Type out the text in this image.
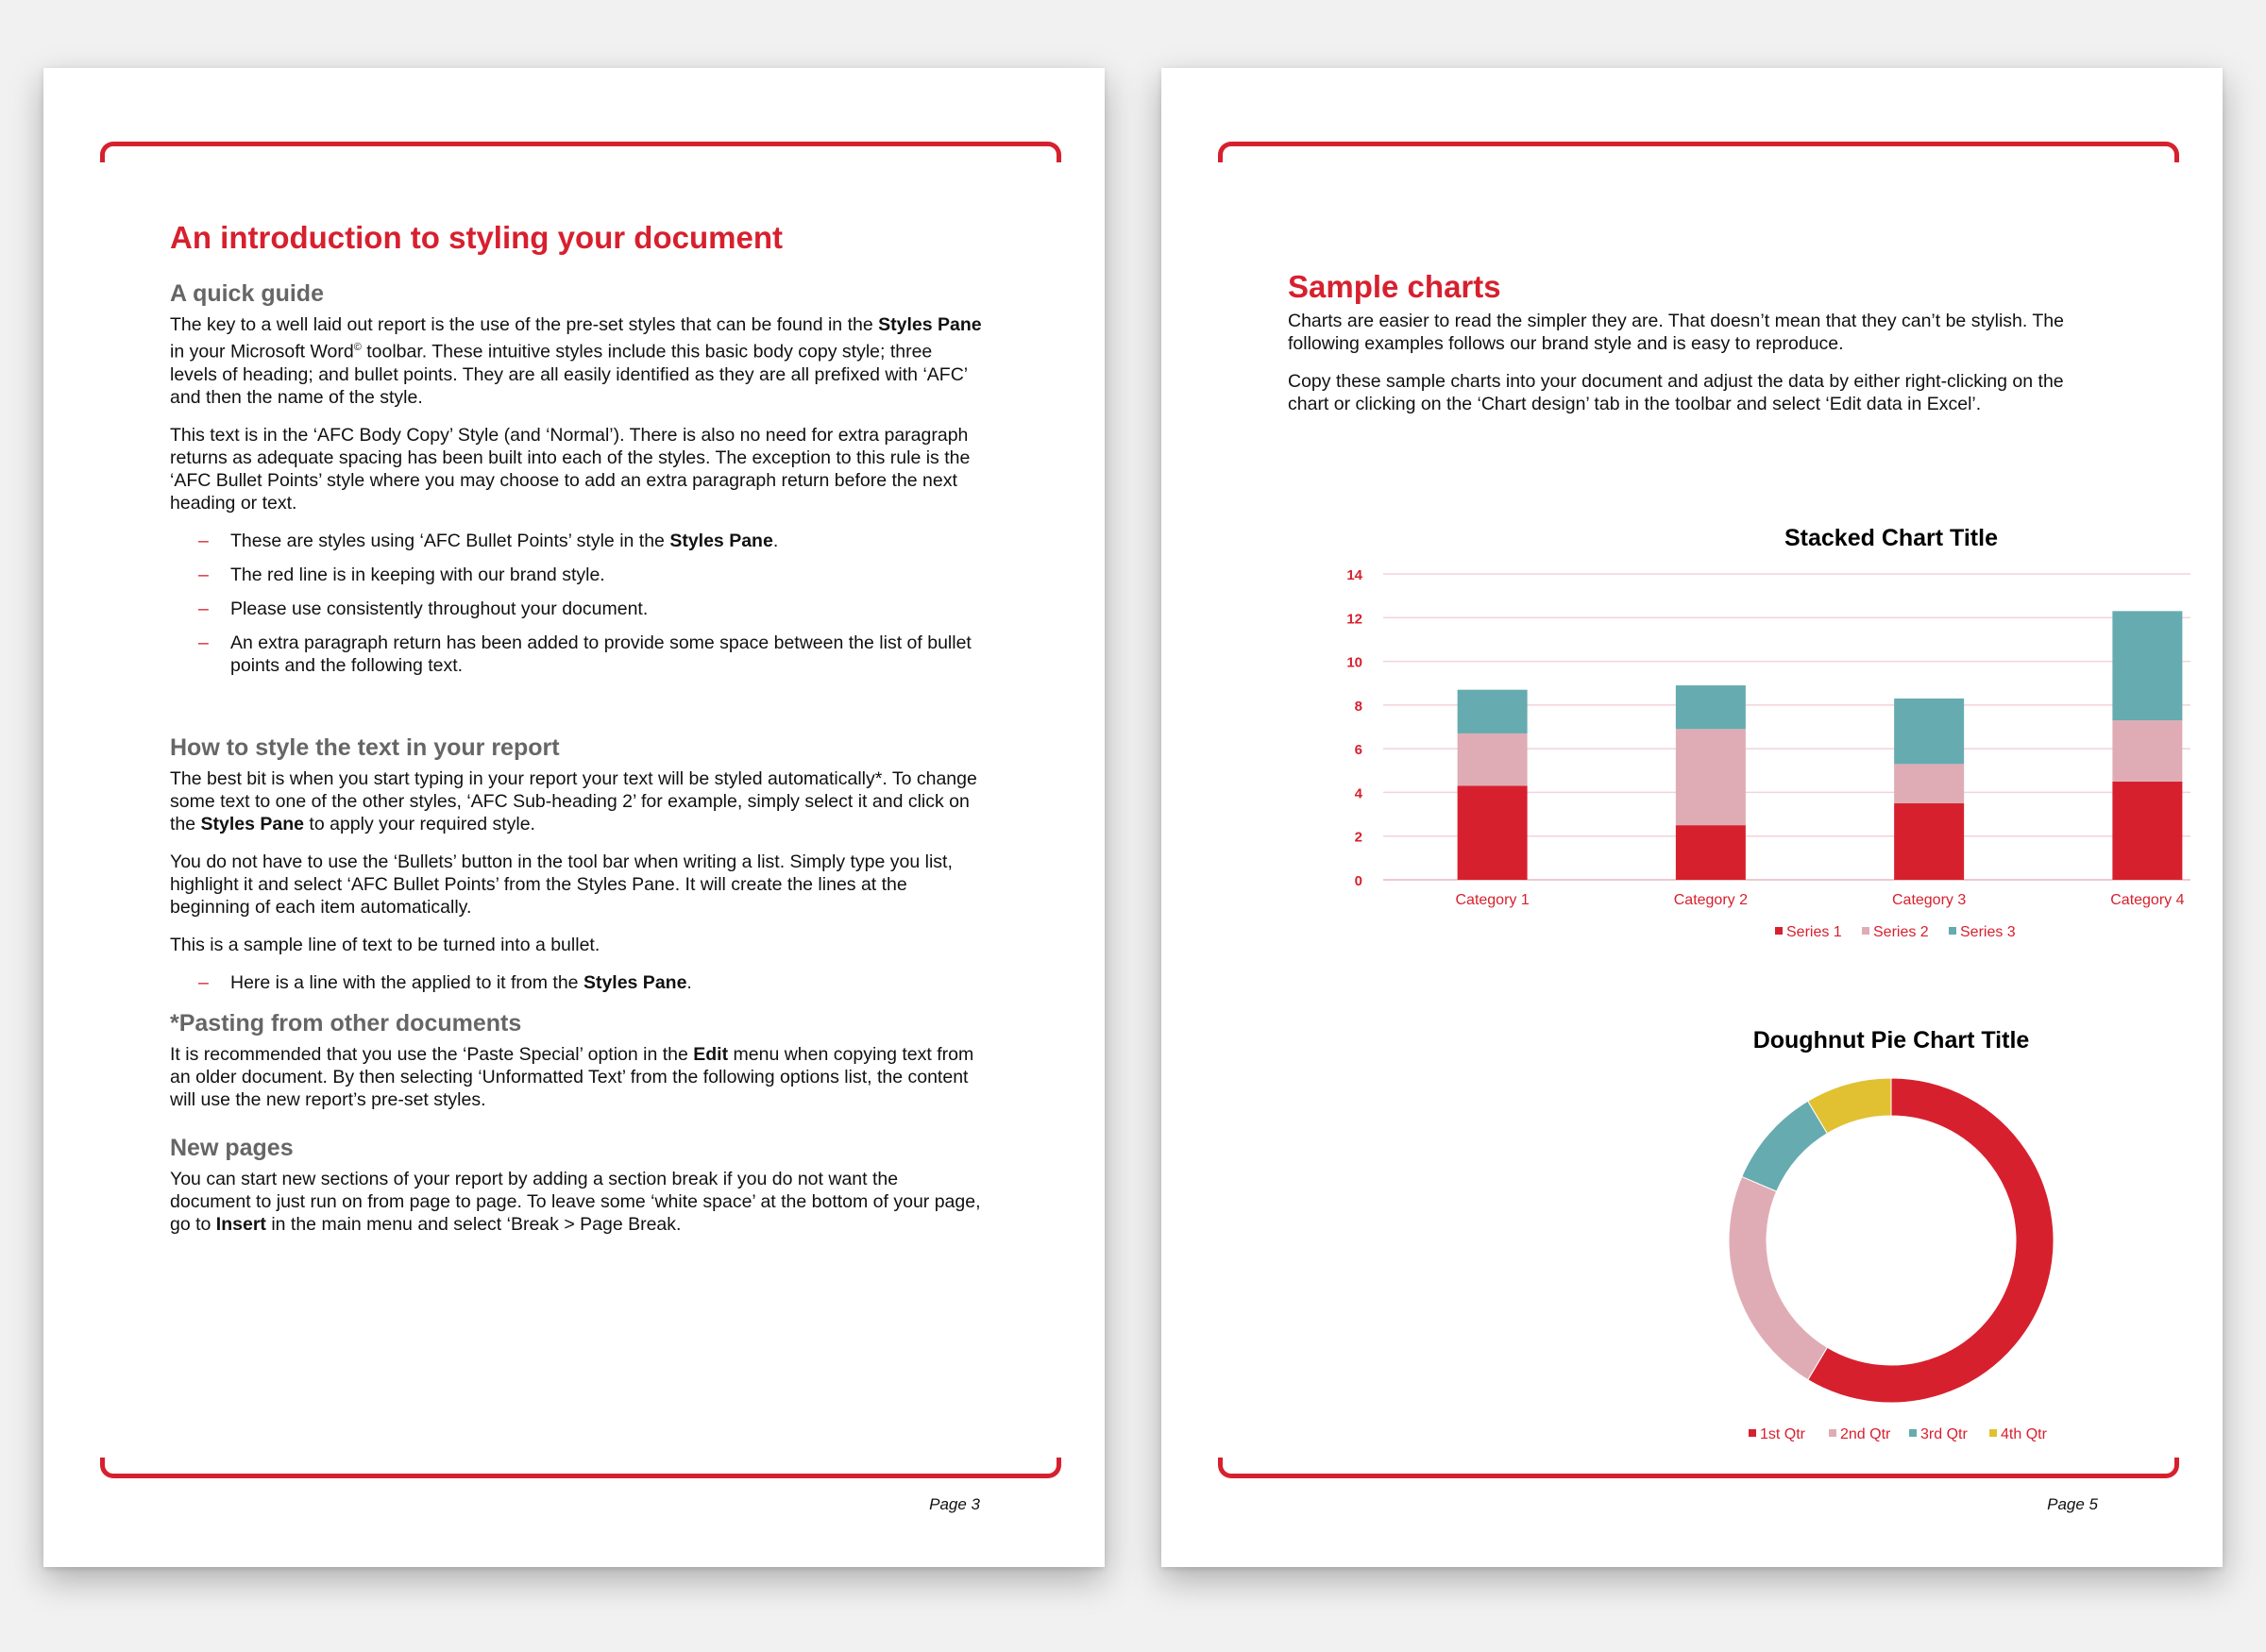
An introduction to styling your document
A quick guide

The key to a well laid out report is the use of the pre-set styles that can be found in the Styles Pane in your Microsoft Word© toolbar. These intuitive styles include this basic body copy style; three levels of heading; and bullet points. They are all easily identified as they are all prefixed with ‘AFC’ and then the name of the style.

This text is in the ‘AFC Body Copy’ Style (and ‘Normal’). There is also no need for extra paragraph returns as adequate spacing has been built into each of the styles. The exception to this rule is the ‘AFC Bullet Points’ style where you may choose to add an extra paragraph return before the next heading or text.

– These are styles using ‘AFC Bullet Points’ style in the Styles Pane.
– The red line is in keeping with our brand style.
– Please use consistently throughout your document.
– An extra paragraph return has been added to provide some space between the list of bullet points and the following text.
How to style the text in your report

The best bit is when you start typing in your report your text will be styled automatically*. To change some text to one of the other styles, ‘AFC Sub-heading 2’ for example, simply select it and click on the Styles Pane to apply your required style.

You do not have to use the ‘Bullets’ button in the tool bar when writing a list. Simply type you list, highlight it and select ‘AFC Bullet Points’ from the Styles Pane. It will create the lines at the beginning of each item automatically.

This is a sample line of text to be turned into a bullet.

– Here is a line with the applied to it from the Styles Pane.
*Pasting from other documents

It is recommended that you use the ‘Paste Special’ option in the Edit menu when copying text from an older document. By then selecting ‘Unformatted Text’ from the following options list, the content will use the new report’s pre-set styles.

New pages

You can start new sections of your report by adding a section break if you do not want the document to just run on from page to page. To leave some ‘white space’ at the bottom of your page, go to Insert in the main menu and select ‘Break > Page Break.

Page 3
Sample charts

Charts are easier to read the simpler they are. That doesn’t mean that they can’t be stylish. The following examples follows our brand style and is easy to reproduce.

Copy these sample charts into your document and adjust the data by either right-clicking on the chart or clicking on the ‘Chart design’ tab in the toolbar and select ‘Edit data in Excel’.

Stacked Chart Title
0
2
4
6
8
10
12
14
Category 1	Category 2	Category 3	Category 4
Series 1 Series 2 Series 3
Doughnut Pie Chart Title
1st Qtr 2nd Qtr 3rd Qtr 4th Qtr
Page 5
